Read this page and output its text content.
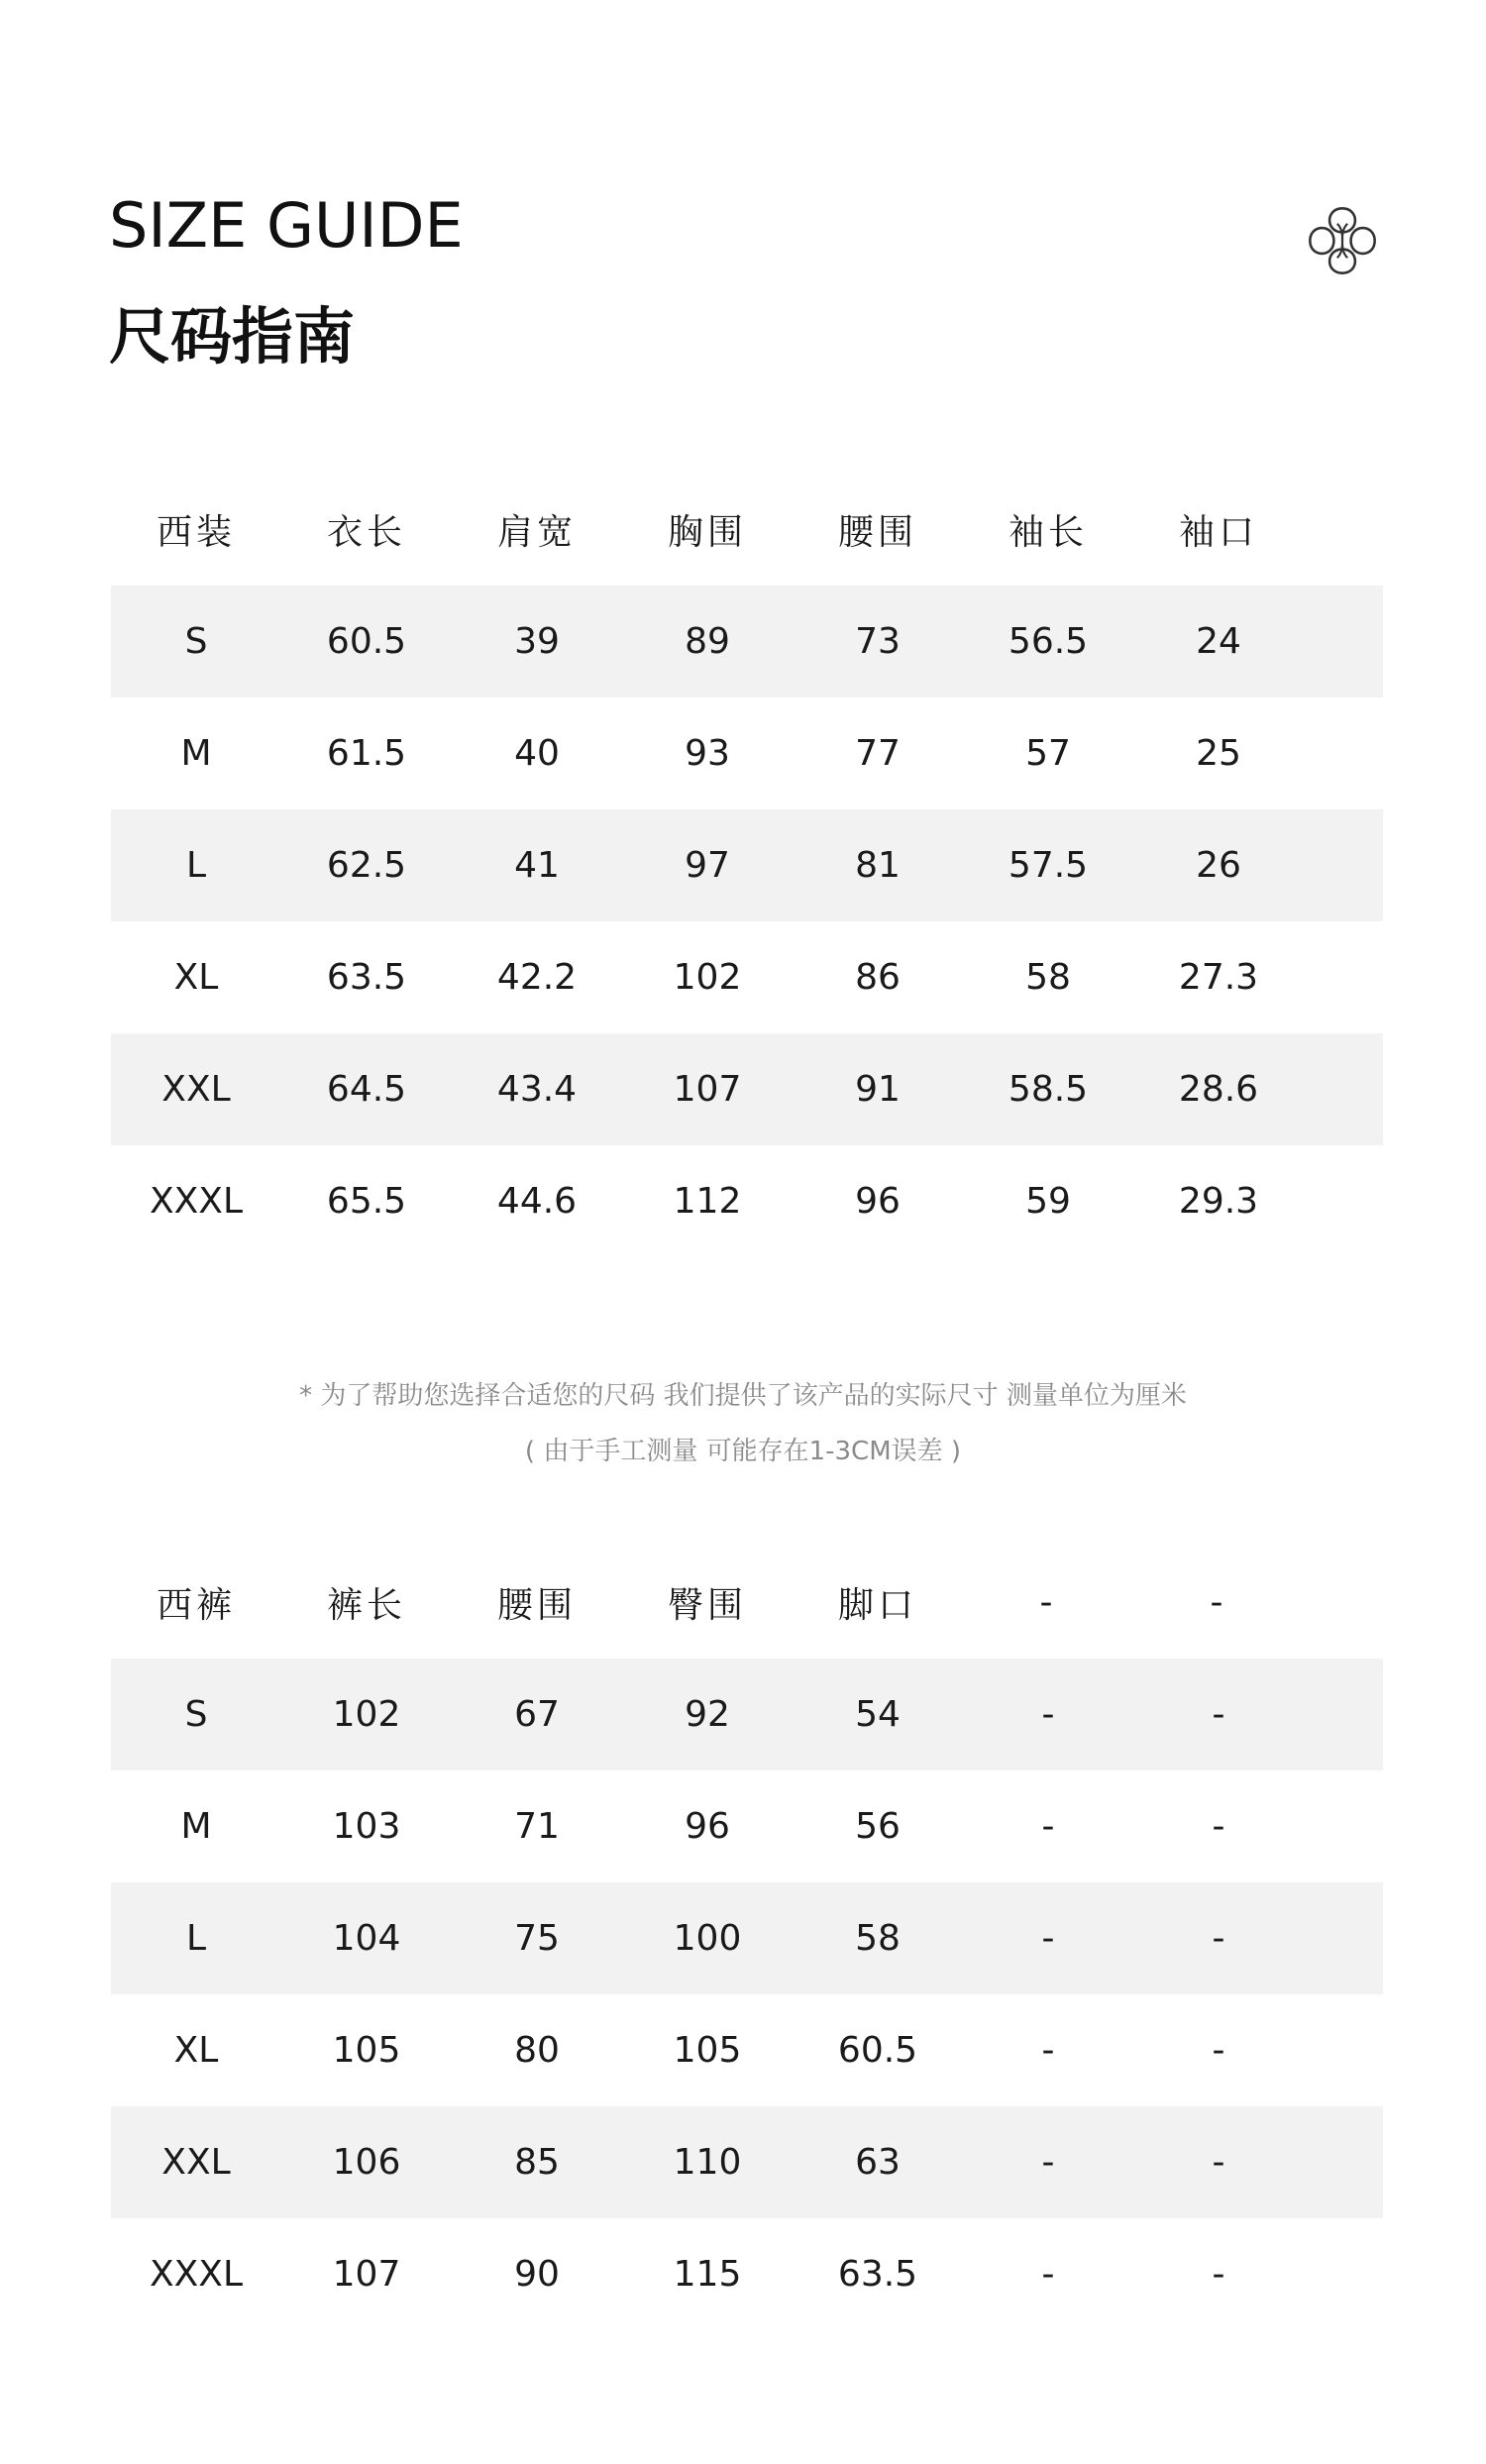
SIZE GUIDE
尺码指南
西装	衣长	肩宽	胸围	腰围	袖长	袖口
S	60.5	39	89	73	56.5	24
M	61.5	40	93	77	57	25
L	62.5	41	97	81	57.5	26
XL	63.5	42.2	102	86	58	27.3
XXL	64.5	43.4	107	91	58.5	28.6
XXXL	65.5	44.6	112	96	59	29.3

* 为了帮助您选择合适您的尺码 我们提供了该产品的实际尺寸 测量单位为厘米

( 由于手工测量 可能存在1-3CM误差 )

西裤	裤长	腰围	臀围	脚口	-	-
S	102	67	92	54	-	-
M	103	71	96	56	-	-
L	104	75	100	58	-	-
XL	105	80	105	60.5	-	-
XXL	106	85	110	63	-	-
XXXL	107	90	115	63.5	-	-
